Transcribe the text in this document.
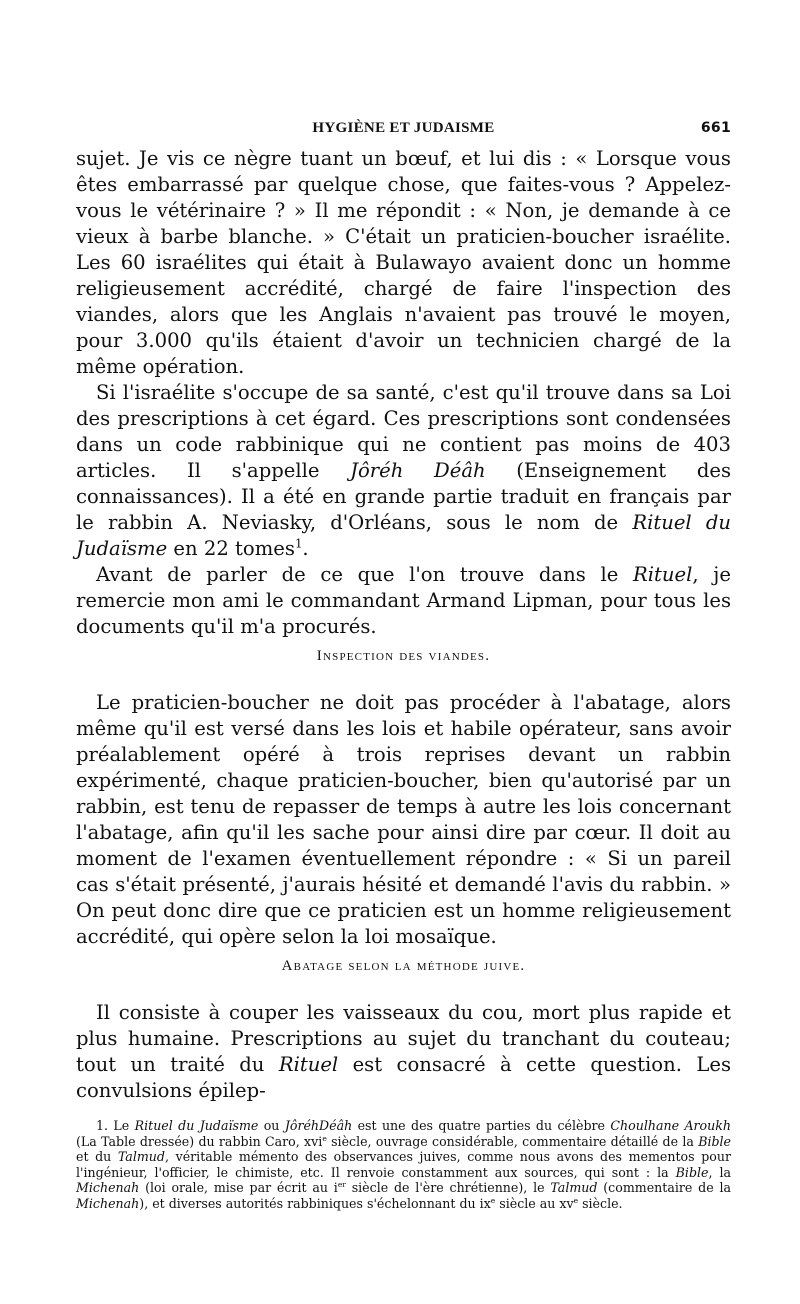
HYGIÈNE ET JUDAISME	661

sujet. Je vis ce nègre tuant un bœuf, et lui dis : « Lorsque vous êtes embarrassé par quelque chose, que faites-vous ? Appelez-vous le vétérinaire ? » Il me répondit : « Non, je demande à ce vieux à barbe blanche. » C'était un praticien-boucher israélite. Les 60 israélites qui était à Bulawayo avaient donc un homme religieusement accrédité, chargé de faire l'inspection des viandes, alors que les Anglais n'avaient pas trouvé le moyen, pour 3.000 qu'ils étaient d'avoir un technicien chargé de la même opération.

Si l'israélite s'occupe de sa santé, c'est qu'il trouve dans sa Loi des prescriptions à cet égard. Ces prescriptions sont condensées dans un code rabbinique qui ne contient pas moins de 403 articles. Il s'appelle Jôréh Déâh (Enseignement des connaissances). Il a été en grande partie traduit en français par le rabbin A. Neviasky, d'Orléans, sous le nom de Rituel du Judaïsme en 22 tomes$^1$.

Avant de parler de ce que l'on trouve dans le Rituel, je remercie mon ami le commandant Armand Lipman, pour tous les documents qu'il m'a procurés.

Inspection des viandes.

Le praticien-boucher ne doit pas procéder à l'abatage, alors même qu'il est versé dans les lois et habile opérateur, sans avoir préalablement opéré à trois reprises devant un rabbin expérimenté, chaque praticien-boucher, bien qu'autorisé par un rabbin, est tenu de repasser de temps à autre les lois concernant l'abatage, afin qu'il les sache pour ainsi dire par cœur. Il doit au moment de l'examen éventuellement répondre : « Si un pareil cas s'était présenté, j'aurais hésité et demandé l'avis du rabbin. » On peut donc dire que ce praticien est un homme religieusement accrédité, qui opère selon la loi mosaïque.

Abatage selon la méthode juive.

Il consiste à couper les vaisseaux du cou, mort plus rapide et plus humaine. Prescriptions au sujet du tranchant du couteau; tout un traité du Rituel est consacré à cette question. Les convulsions épilep-

1. Le Rituel du Judaïsme ou JôréhDéâh est une des quatre parties du célèbre Choulhane Aroukh (La Table dressée) du rabbin Caro, xvi$^e$ siècle, ouvrage considérable, commentaire détaillé de la Bible et du Talmud, véritable mémento des observances juives, comme nous avons des mementos pour l'ingénieur, l'officier, le chimiste, etc. Il renvoie constamment aux sources, qui sont : la Bible, la Michenah (loi orale, mise par écrit au $i^{er}$ siècle de l'ère chrétienne), le Talmud (commentaire de la Michenah), et diverses autorités rabbiniques s'échelonnant du $ix^e$ siècle au $xv^e$ siècle.
